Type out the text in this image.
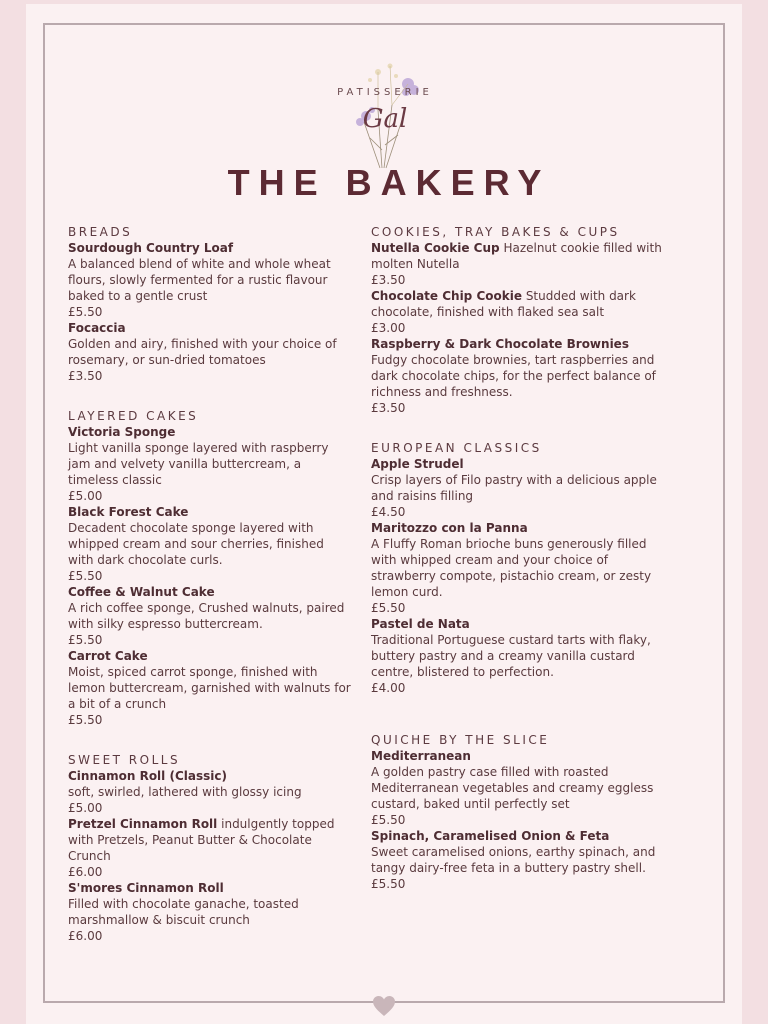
PATISSERIE
Gal
THE BAKERY
BREADS
Sourdough Country Loaf
A balanced blend of white and whole wheat flours, slowly fermented for a rustic flavour baked to a gentle crust
£5.50
Focaccia
Golden and airy, finished with your choice of rosemary, or sun-dried tomatoes
£3.50
LAYERED CAKES
Victoria Sponge
Light vanilla sponge layered with raspberry jam and velvety vanilla buttercream, a timeless classic
£5.00
Black Forest Cake
Decadent chocolate sponge layered with whipped cream and sour cherries, finished with dark chocolate curls.
£5.50
Coffee & Walnut Cake
A rich coffee sponge, Crushed walnuts, paired with silky espresso buttercream.
£5.50
Carrot Cake
Moist, spiced carrot sponge, finished with lemon buttercream, garnished with walnuts for a bit of a crunch
£5.50
SWEET ROLLS
Cinnamon Roll (Classic)
soft, swirled, lathered with glossy icing
£5.00
Pretzel Cinnamon Roll indulgently topped with Pretzels, Peanut Butter & Chocolate Crunch
£6.00
S'mores Cinnamon Roll
Filled with chocolate ganache, toasted marshmallow & biscuit crunch
£6.00
COOKIES, TRAY BAKES & CUPS
Nutella Cookie Cup Hazelnut cookie filled with molten Nutella
£3.50
Chocolate Chip Cookie Studded with dark chocolate, finished with flaked sea salt
£3.00
Raspberry & Dark Chocolate Brownies
Fudgy chocolate brownies, tart raspberries and dark chocolate chips, for the perfect balance of richness and freshness.
£3.50
EUROPEAN CLASSICS
Apple Strudel
Crisp layers of Filo pastry with a delicious apple and raisins filling
£4.50
Maritozzo con la Panna
A Fluffy Roman brioche buns generously filled with whipped cream and your choice of strawberry compote, pistachio cream, or zesty lemon curd.
£5.50
Pastel de Nata
Traditional Portuguese custard tarts with flaky, buttery pastry and a creamy vanilla custard centre, blistered to perfection.
£4.00
QUICHE BY THE SLICE
Mediterranean
A golden pastry case filled with roasted Mediterranean vegetables and creamy eggless custard, baked until perfectly set
£5.50
Spinach, Caramelised Onion & Feta
Sweet caramelised onions, earthy spinach, and tangy dairy-free feta in a buttery pastry shell.
£5.50
